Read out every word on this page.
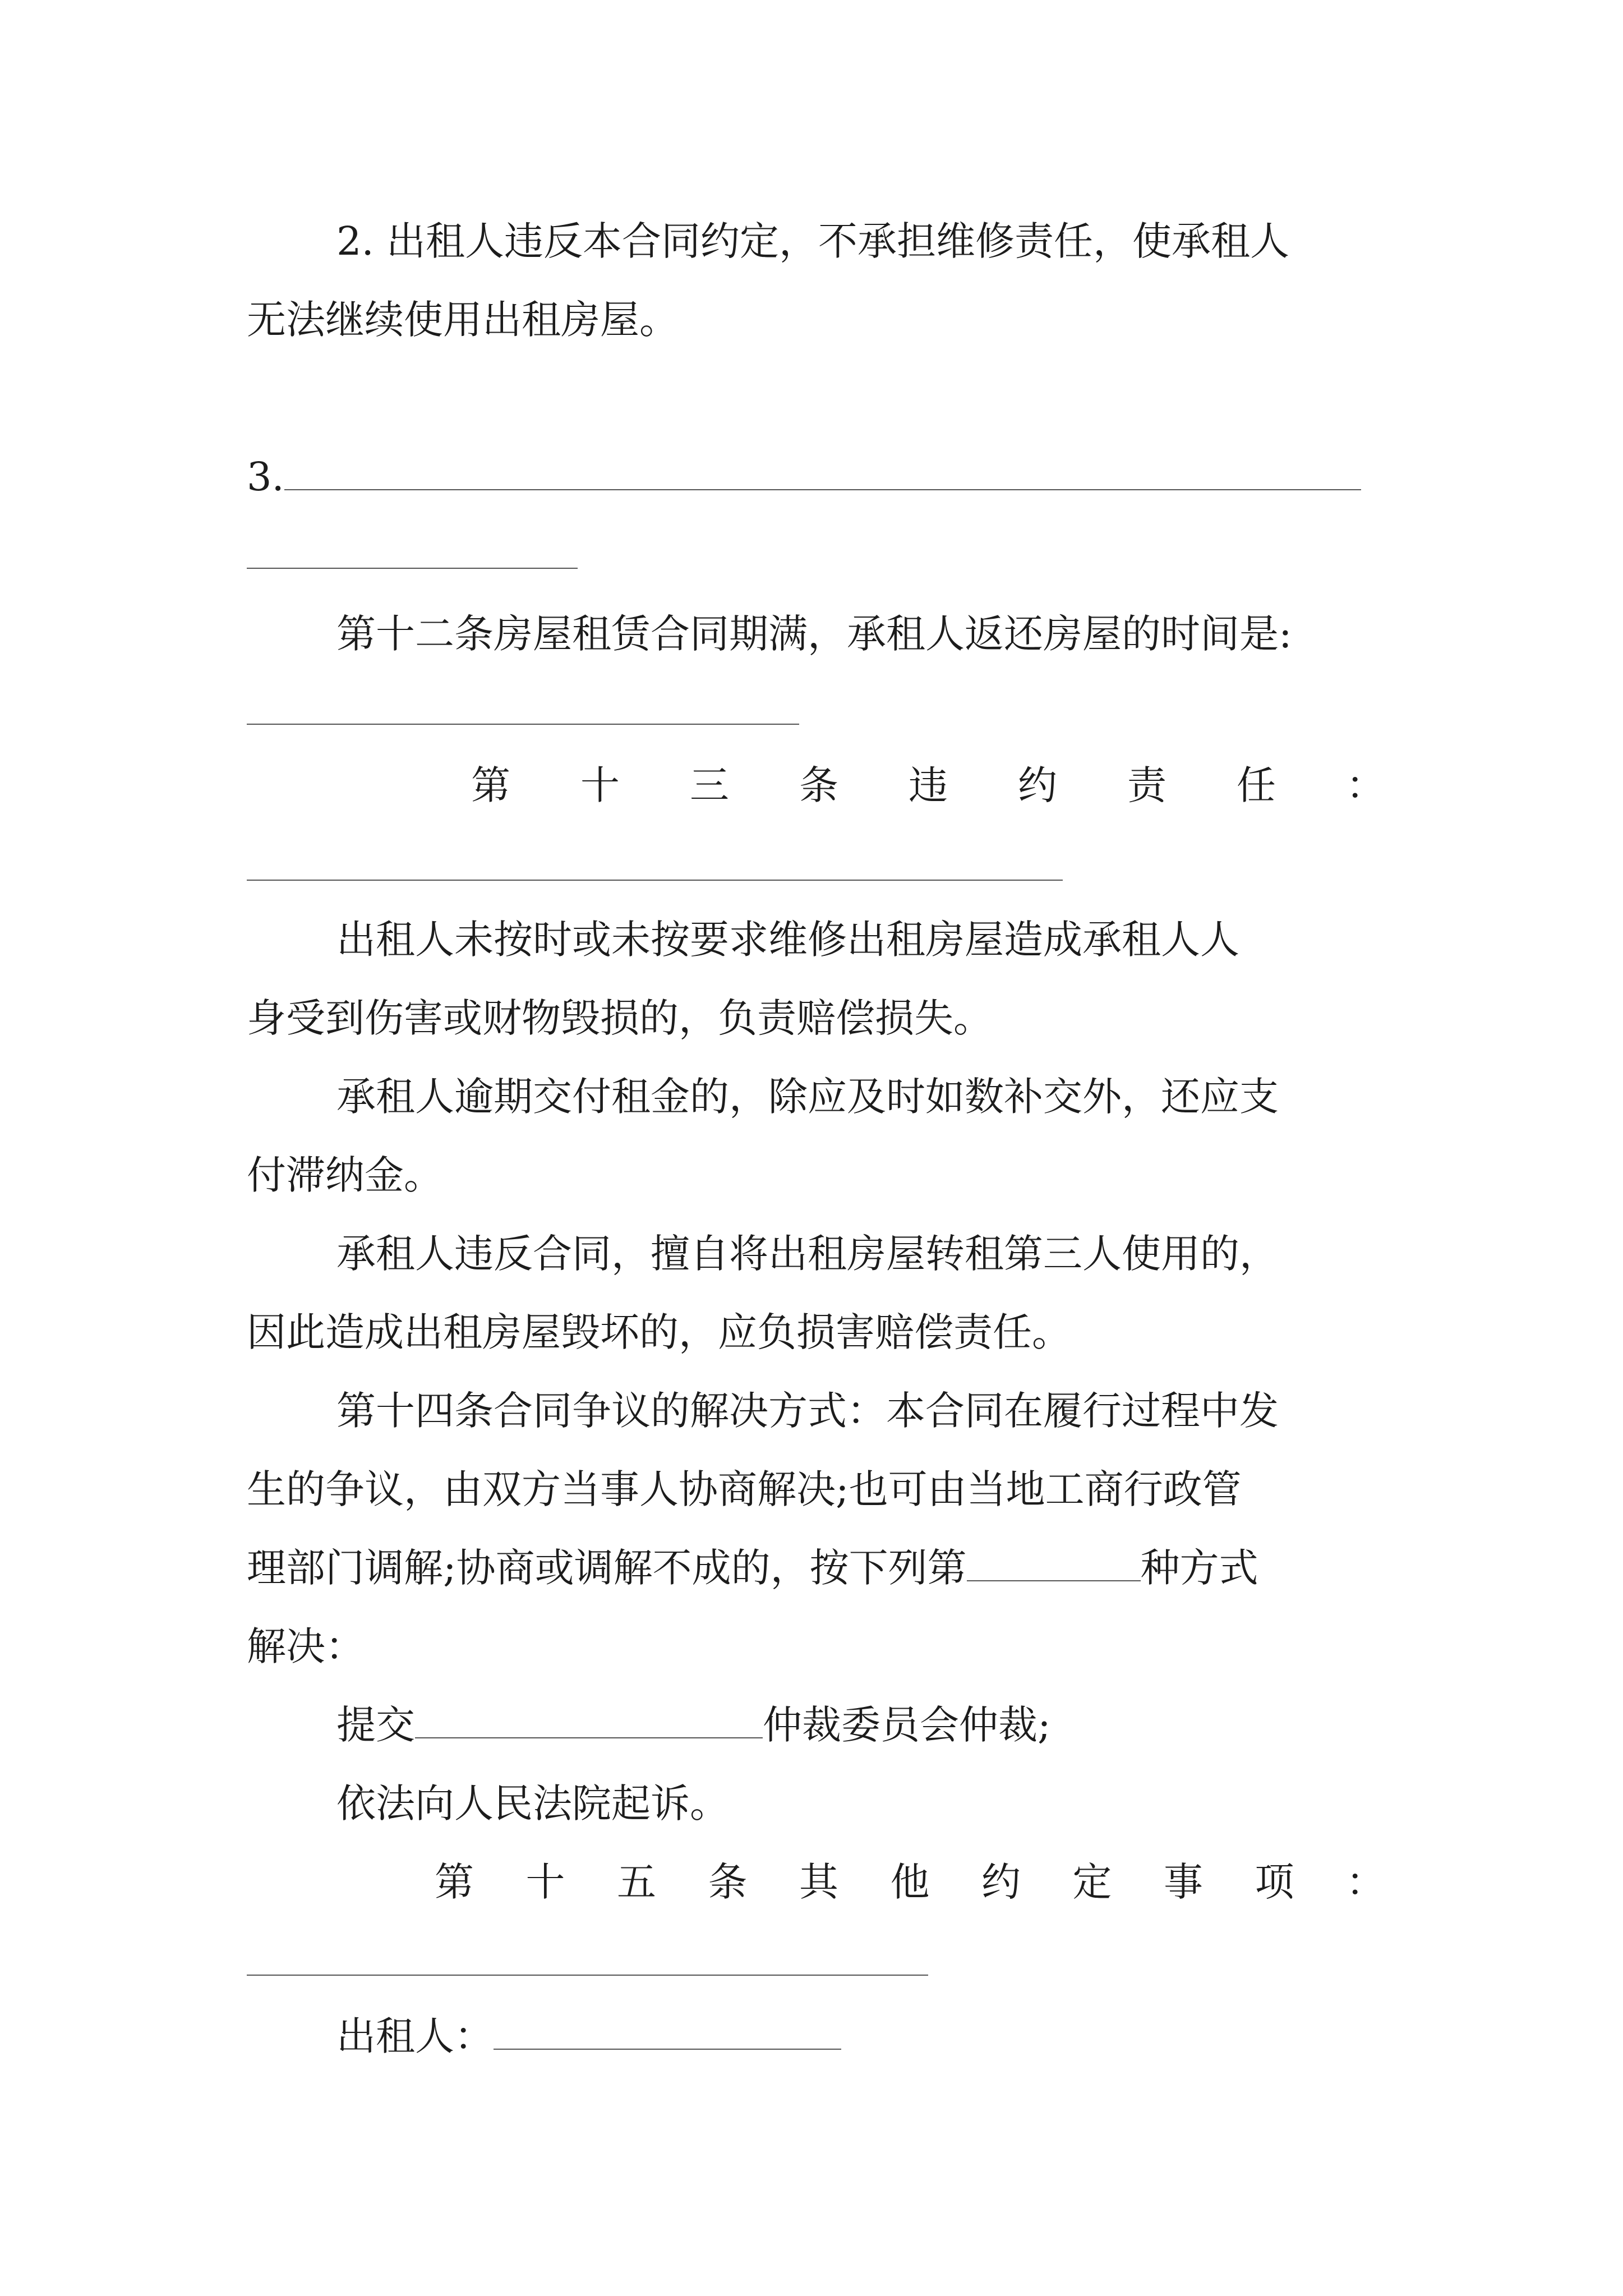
2. 出租人违反本合同约定，不承担维修责任，使承租人
无法继续使用出租房屋。
3.
第十二条房屋租赁合同期满，承租人返还房屋的时间是:
第 十 三 条 违 约 责 任 ：
出租人未按时或未按要求维修出租房屋造成承租人人
身受到伤害或财物毁损的，负责赔偿损失。
承租人逾期交付租金的，除应及时如数补交外，还应支
付滞纳金。
承租人违反合同，擅自将出租房屋转租第三人使用的，
因此造成出租房屋毁坏的，应负损害赔偿责任。
第十四条合同争议的解决方式：本合同在履行过程中发
生的争议，由双方当事人协商解决;也可由当地工商行政管
理部门调解;协商或调解不成的，按下列第	种方式
解决：
提交	仲裁委员会仲裁;
依法向人民法院起诉。
第 十 五 条 其 他 约 定 事 项 ：
出租人：
